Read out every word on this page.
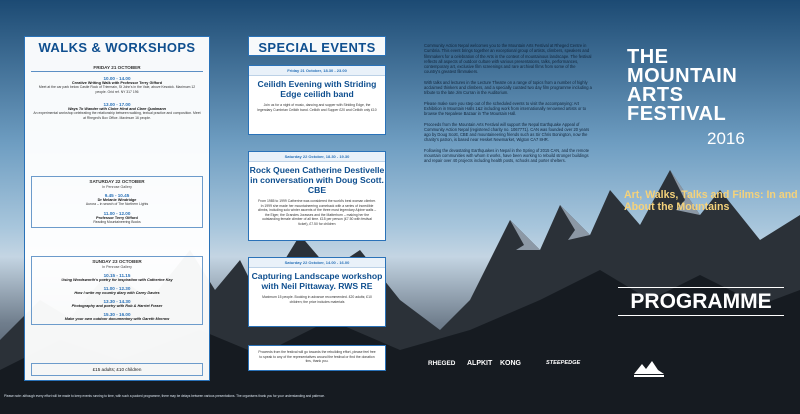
WALKS & WORKSHOPS
FRIDAY 21 OCTOBER
10.00 - 14.00
Creative Writing Walk with Professor Terry Gifford
Meet at the car park below Castle Rock of Triermain, St John's in the Vale, above Keswick. Maximum 12 people. Grid ref. NY 317 196
13.00 - 17.00
Ways To Wander with Claire Hind and Clare Qualmann
An experimental workshop celebrating the relationship between walking, textual practice and composition. Meet at Rheged's Box Office. Maximum 16 people.
SATURDAY 22 OCTOBER
In Penrose Gallery
9.45 - 10.45
Dr Melanie Windridge
Aurora – in search of The Northern Lights
11.00 - 12.00
Professor Terry Gifford
Reading Mountaineering Books
SUNDAY 23 OCTOBER
In Penrose Gallery
10.15 - 11.15
Using Wordsworth's poetry for inspiration with Catherine Kay
11.00 - 12.30
How I write my country diary with Carey Davies
13.30 - 14.30
Photography and poetry with Rob & Harriet Fraser
15.30 - 16.00
Make your own outdoor documentary with Gareth Morrow
£15 adults; £10 children
SPECIAL EVENTS
Friday 21 October, 18.30 - 23.00
Ceilidh Evening with Striding Edge ceilidh band
Join us for a night of music, dancing and supper with Striding Edge, the legendary Cumbrian Ceilidh band. Ceilidh and Supper £20 and Ceilidh only £10
Saturday 22 October, 18.30 - 19.30
Rock Queen Catherine Destivelle in conversation with Doug Scott. CBE
From 1985 to 1999 Catherine was considered the world's best woman climber. In 1999 she made her mountaineering comeback with a series of incredible climbs, including solo winter ascents of the three most legendary Alpine walls – the Eiger, the Grandes Jorasses and the Matterhorn – making her the outstanding female climber of all time. £15 per person (£7.50 with festival ticket), £7.50 for children
Saturday 22 October, 14.00 - 16.00
Capturing Landscape workshop with Neil Pittaway. RWS RE
Maximum 15 people. Booking in advance recommended. £20 adults; £10 children; the price includes materials
Proceeds from the festival will go towards the rebuilding effort, please feel free to speak to any of the representatives around the festival or find the donation tins, thank you.

Community Action Nepal welcomes you to the Mountain Arts Festival at Rheged Centre in Cumbria. This event brings together an exceptional group of artists, climbers, speakers and filmmakers for a celebration of the Arts in the context of mountainous landscape. The festival reflects all aspects of outdoor culture with various presentations, talks, performances, contemporary art, exclusive film screenings and rare archival films from some of the country's greatest filmmakers.

With talks and lectures in the Lecture Theatre on a range of topics from a number of highly acclaimed thinkers and climbers, and a specially curated two day film programme including a tribute to the late Jim Curran in the Auditorium.

Please make sure you step out of the scheduled events to visit the accompanying: Art Exhibition in Mountain Halls 1&2 including work from internationally renowned artists or to browse the Nepalese Bazaar in The Mountain Hall.

Proceeds from the Mountain Arts Festival will support the Nepal Earthquake Appeal of Community Action Nepal (registered charity no. 1067771). CAN was founded over 20 years ago by Doug Scott, CBE and mountaineering friends such as Sir Chris Bonington, now the charity's patron, is based near Hesket Newmarket, Wigton CA7 8HR.

Following the devastating Earthquakes in Nepal in the Spring of 2015 CAN, and the remote mountain communities with whom it works, have been working to rebuild stronger buildings and repair over 40 projects including health posts, schools and porter shelters.

THE
MOUNTAIN
ARTS
FESTIVAL
2016
Art, Walks, Talks and Films: In and About the Mountains
PROGRAMME
RHEGED ALPKIT KONG	STEEPEDGE
Please note: although every effort will be made to keep events running to time, with such a packed programme, there may be delays between various presentations. The organisers thank you for your understanding and patience.
